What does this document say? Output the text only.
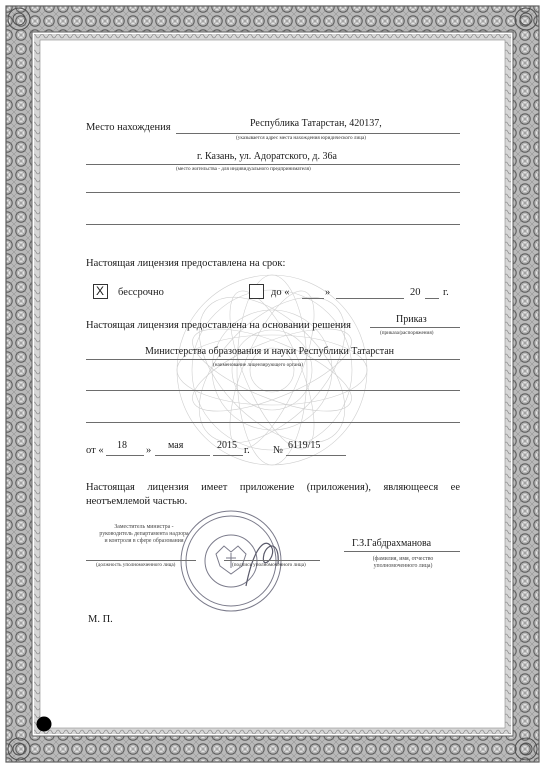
Место нахождения	Республика Татарстан, 420137,
(указывается адрес места нахождения юридического лица)
г. Казань, ул. Адоратского, д. 36а
(место жительства - для индивидуального предпринимателя)
Настоящая лицензия предоставлена на срок:
X бессрочно	до «	»	20 г.
Настоящая лицензия предоставлена на основании решения
Приказ
(приказа/распоряжения)
Министерства образования и науки Республики Татарстан
(наименование лицензирующего органа)
от « 18 » мая	2015 г. № 6119/15
Настоящая лицензия имеет приложение (приложения), являющееся ее
неотъемлемой частью.
Заместитель министра -
руководитель департамента надзора
и контроля в сфере образования
(должность уполномоченного лица)	(подпись уполномоченного лица)
Г.З.Габдрахманова
(фамилия, имя, отчество
уполномоченного лица)
М. П.
